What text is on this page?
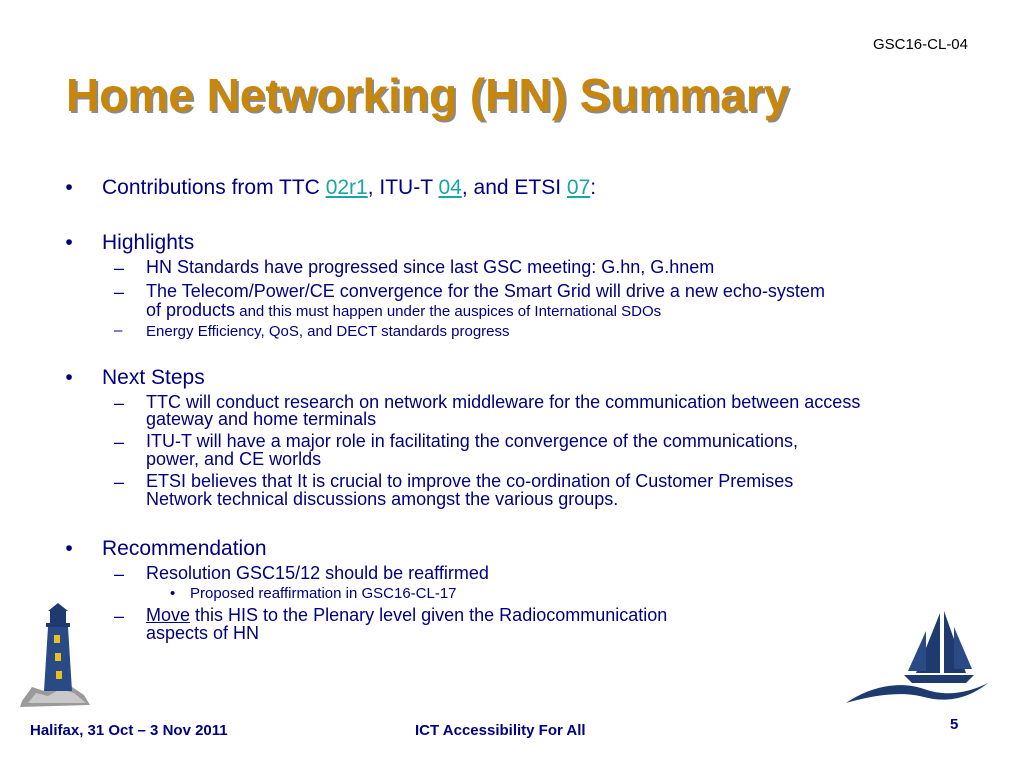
GSC16-CL-04
Home Networking (HN) Summary
• Contributions from TTC 02r1, ITU-T 04, and ETSI 07:
• Highlights
– HN Standards have progressed since last GSC meeting: G.hn, G.hnem
– The Telecom/Power/CE convergence for the Smart Grid will drive a new echo-system
of products and this must happen under the auspices of International SDOs
– Energy Efficiency, QoS, and DECT standards progress
• Next Steps
– TTC will conduct research on network middleware for the communication between access
gateway and home terminals
– ITU-T will have a major role in facilitating the convergence of the communications,
power, and CE worlds
– ETSI believes that It is crucial to improve the co-ordination of Customer Premises
Network technical discussions amongst the various groups.
• Recommendation
– Resolution GSC15/12 should be reaffirmed
• Proposed reaffirmation in GSC16-CL-17
– Move this HIS to the Plenary level given the Radiocommunication
aspects of HN
Halifax, 31 Oct – 3 Nov 2011	ICT Accessibility For All	5
